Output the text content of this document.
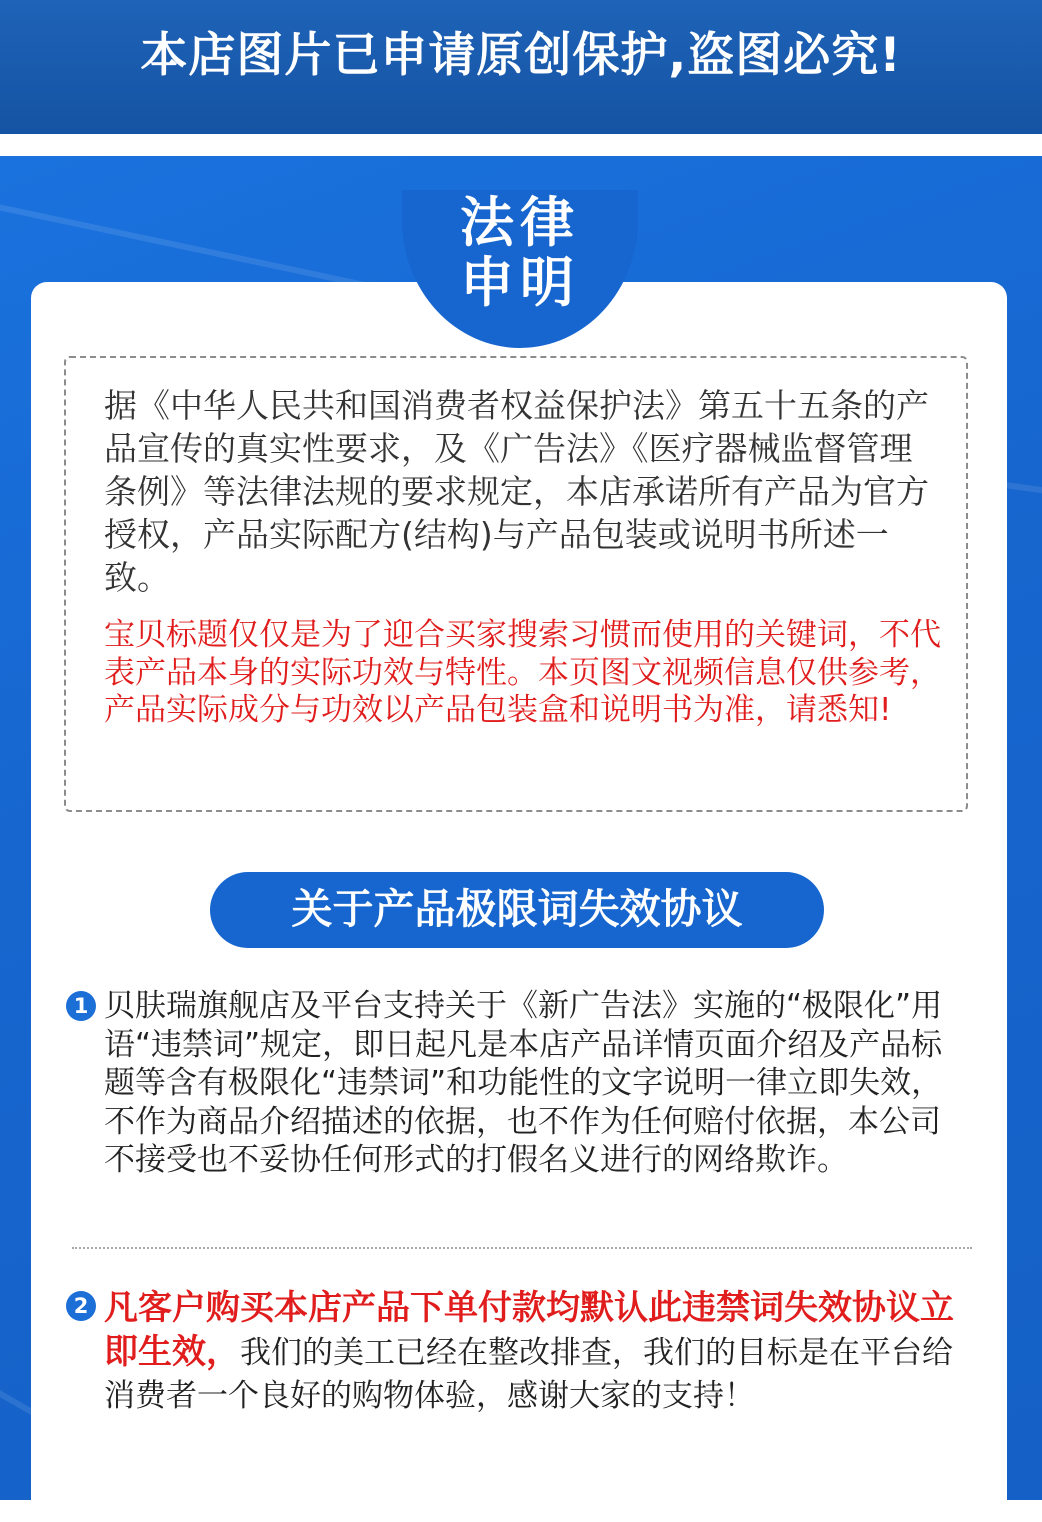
本店图片已申请原创保护,盗图必究!
法律
申明
据《中华人民共和国消费者权益保护法》第五十五条的产品宣传的真实性要求，及《广告法》《医疗器械监督管理条例》等法律法规的要求规定，本店承诺所有产品为官方授权，产品实际配方(结构)与产品包装或说明书所述一致。
宝贝标题仅仅是为了迎合买家搜索习惯而使用的关键词，不代表产品本身的实际功效与特性。本页图文视频信息仅供参考，产品实际成分与功效以产品包装盒和说明书为准，请悉知!
关于产品极限词失效协议
1 贝肤瑞旗舰店及平台支持关于《新广告法》实施的“极限化”用语“违禁词”规定，即日起凡是本店产品详情页面介绍及产品标题等含有极限化“违禁词”和功能性的文字说明一律立即失效，不作为商品介绍描述的依据，也不作为任何赔付依据，本公司不接受也不妥协任何形式的打假名义进行的网络欺诈。
2 凡客户购买本店产品下单付款均默认此违禁词失效协议立即生效，我们的美工已经在整改排查，我们的目标是在平台给消费者一个良好的购物体验，感谢大家的支持！
